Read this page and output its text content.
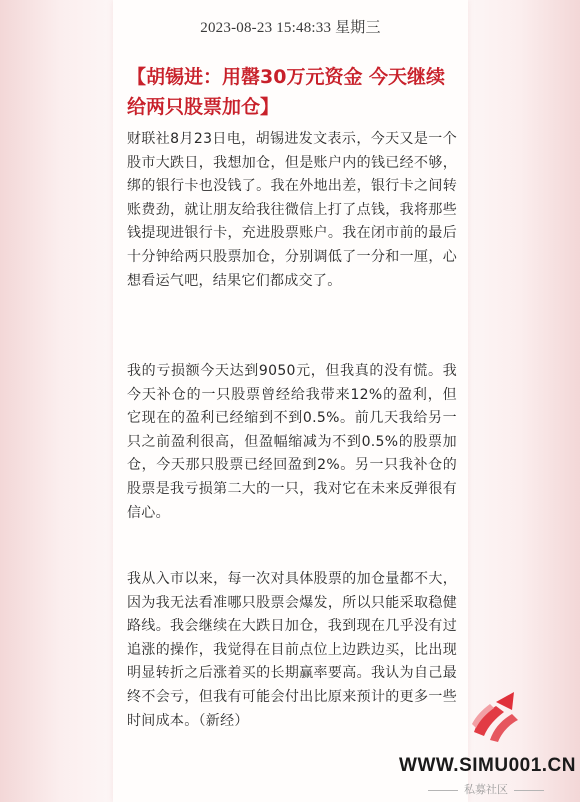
2023-08-23 15:48:33 星期三
【胡锡进：用罄30万元资金 今天继续给两只股票加仓】

财联社8月23日电，胡锡进发文表示，今天又是一个股市大跌日，我想加仓，但是账户内的钱已经不够，绑的银行卡也没钱了。我在外地出差，银行卡之间转账费劲，就让朋友给我往微信上打了点钱，我将那些钱提现进银行卡，充进股票账户。我在闭市前的最后十分钟给两只股票加仓，分别调低了一分和一厘，心想看运气吧，结果它们都成交了。

我的亏损额今天达到9050元，但我真的没有慌。我今天补仓的一只股票曾经给我带来12%的盈利，但它现在的盈利已经缩到不到0.5%。前几天我给另一只之前盈利很高，但盈幅缩减为不到0.5%的股票加仓，今天那只股票已经回盈到2%。另一只我补仓的股票是我亏损第二大的一只，我对它在未来反弹很有信心。

我从入市以来，每一次对具体股票的加仓量都不大，因为我无法看准哪只股票会爆发，所以只能采取稳健路线。我会继续在大跌日加仓，我到现在几乎没有过追涨的操作，我觉得在目前点位上边跌边买，比出现明显转折之后涨着买的长期赢率要高。我认为自己最终不会亏，但我有可能会付出比原来预计的更多一些时间成本。（新经）

WWW.SIMU001.CN
私募社区
